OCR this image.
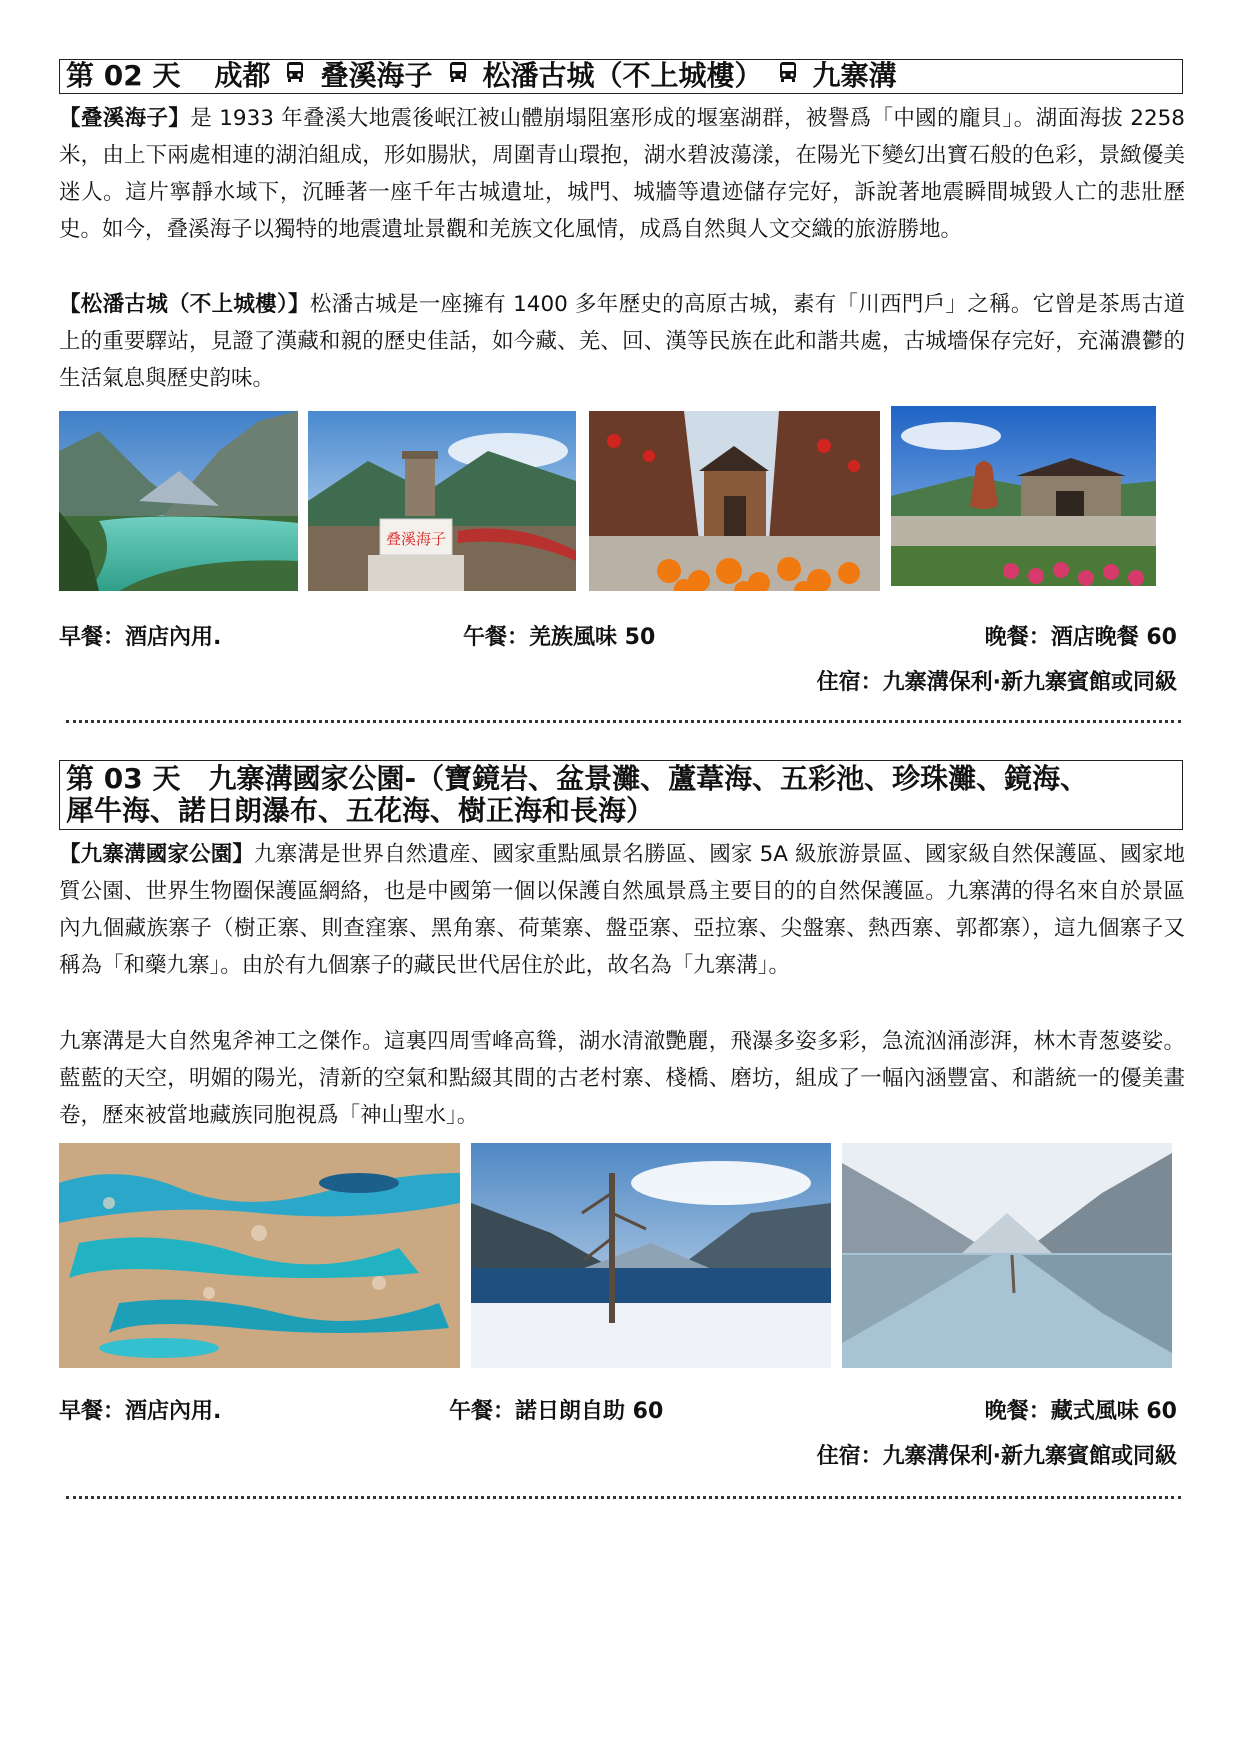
第 02 天 成都 叠溪海子 松潘古城（不上城樓） 九寨溝

【叠溪海子】是 1933 年叠溪大地震後岷江被山體崩塌阻塞形成的堰塞湖群，被譽爲「中國的龐貝」。湖面海拔 2258 米，由上下兩處相連的湖泊組成，形如腸狀，周圍青山環抱，湖水碧波蕩漾，在陽光下變幻出寶石般的色彩，景緻優美迷人。這片寧靜水域下，沉睡著一座千年古城遺址，城門、城牆等遺迹儲存完好，訴說著地震瞬間城毀人亡的悲壯歷史。如今，叠溪海子以獨特的地震遺址景觀和羌族文化風情，成爲自然與人文交織的旅游勝地。

【松潘古城（不上城樓）】松潘古城是一座擁有 1400 多年歷史的高原古城，素有「川西門戶」之稱。它曾是茶馬古道上的重要驛站，見證了漢藏和親的歷史佳話，如今藏、羌、回、漢等民族在此和諧共處，古城墻保存完好，充滿濃鬱的生活氣息與歷史韵味。

叠溪海子
早餐：酒店內用.	午餐：羌族風味 50	晚餐：酒店晚餐 60
住宿：九寨溝保利·新九寨賓館或同級
第 03 天　九寨溝國家公園-（寶鏡岩、盆景灘、蘆葦海、五彩池、珍珠灘、鏡海、
犀牛海、諾日朗瀑布、五花海、樹正海和長海）

【九寨溝國家公園】九寨溝是世界自然遺産、國家重點風景名勝區、國家 5A 級旅游景區、國家級自然保護區、國家地質公園、世界生物圈保護區網絡，也是中國第一個以保護自然風景爲主要目的的自然保護區。九寨溝的得名來自於景區內九個藏族寨子（樹正寨、則查窪寨、黑角寨、荷葉寨、盤亞寨、亞拉寨、尖盤寨、熱西寨、郭都寨），這九個寨子又稱為「和藥九寨」。由於有九個寨子的藏民世代居住於此，故名為「九寨溝」。

九寨溝是大自然鬼斧神工之傑作。這裏四周雪峰高聳，湖水清澈艷麗，飛瀑多姿多彩，急流汹涌澎湃，林木青葱婆娑。藍藍的天空，明媚的陽光，清新的空氣和點綴其間的古老村寨、棧橋、磨坊，組成了一幅內涵豐富、和諧統一的優美畫卷，歷來被當地藏族同胞視爲「神山聖水」。

早餐：酒店內用.	午餐：諾日朗自助 60	晚餐：藏式風味 60
住宿：九寨溝保利·新九寨賓館或同級
